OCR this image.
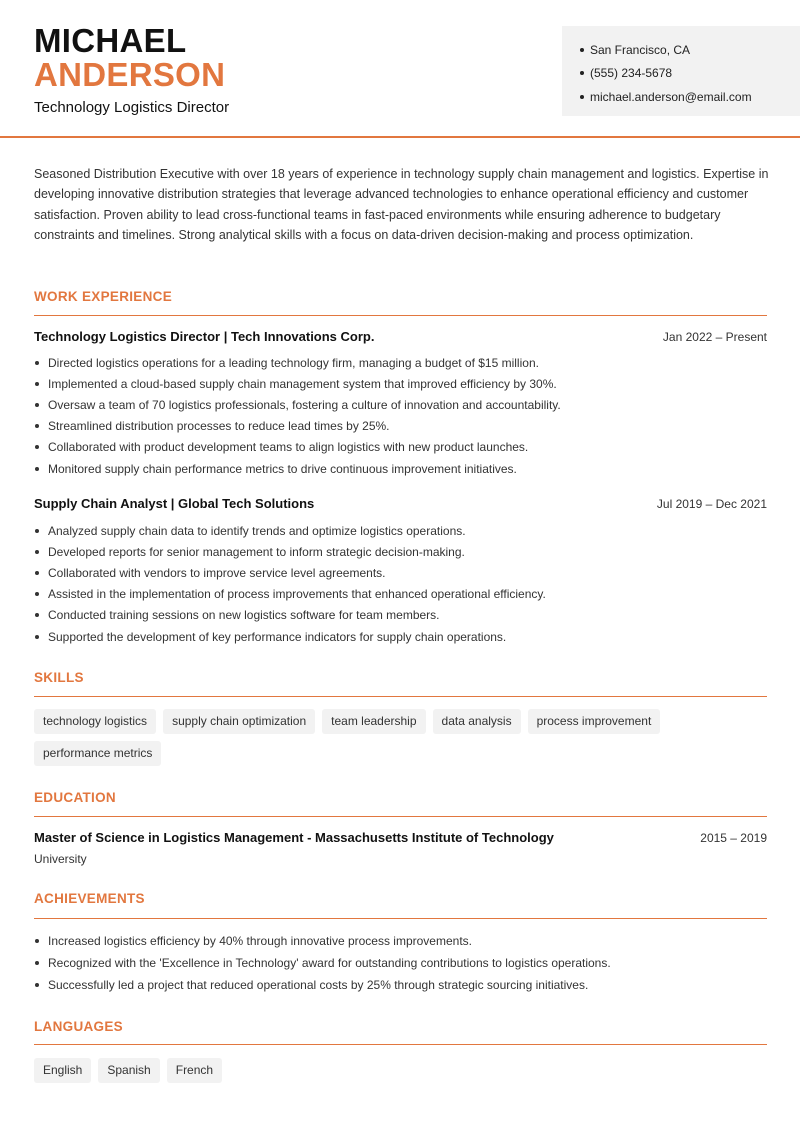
MICHAEL
ANDERSON
Technology Logistics Director
San Francisco, CA
(555) 234-5678
michael.anderson@email.com

Seasoned Distribution Executive with over 18 years of experience in technology supply chain management and logistics. Expertise in developing innovative distribution strategies that leverage advanced technologies to enhance operational efficiency and customer satisfaction. Proven ability to lead cross-functional teams in fast-paced environments while ensuring adherence to budgetary constraints and timelines. Strong analytical skills with a focus on data-driven decision-making and process optimization.

WORK EXPERIENCE
Technology Logistics Director | Tech Innovations Corp.	Jan 2022 – Present
Directed logistics operations for a leading technology firm, managing a budget of $15 million.
Implemented a cloud-based supply chain management system that improved efficiency by 30%.
Oversaw a team of 70 logistics professionals, fostering a culture of innovation and accountability.
Streamlined distribution processes to reduce lead times by 25%.
Collaborated with product development teams to align logistics with new product launches.
Monitored supply chain performance metrics to drive continuous improvement initiatives.
Supply Chain Analyst | Global Tech Solutions	Jul 2019 – Dec 2021
Analyzed supply chain data to identify trends and optimize logistics operations.
Developed reports for senior management to inform strategic decision-making.
Collaborated with vendors to improve service level agreements.
Assisted in the implementation of process improvements that enhanced operational efficiency.
Conducted training sessions on new logistics software for team members.
Supported the development of key performance indicators for supply chain operations.
SKILLS
technology logistics	supply chain optimization	team leadership	data analysis	process improvement
performance metrics
EDUCATION
Master of Science in Logistics Management - Massachusetts Institute of Technology	2015 – 2019
University
ACHIEVEMENTS
Increased logistics efficiency by 40% through innovative process improvements.
Recognized with the 'Excellence in Technology' award for outstanding contributions to logistics operations.
Successfully led a project that reduced operational costs by 25% through strategic sourcing initiatives.
LANGUAGES
English	Spanish	French
